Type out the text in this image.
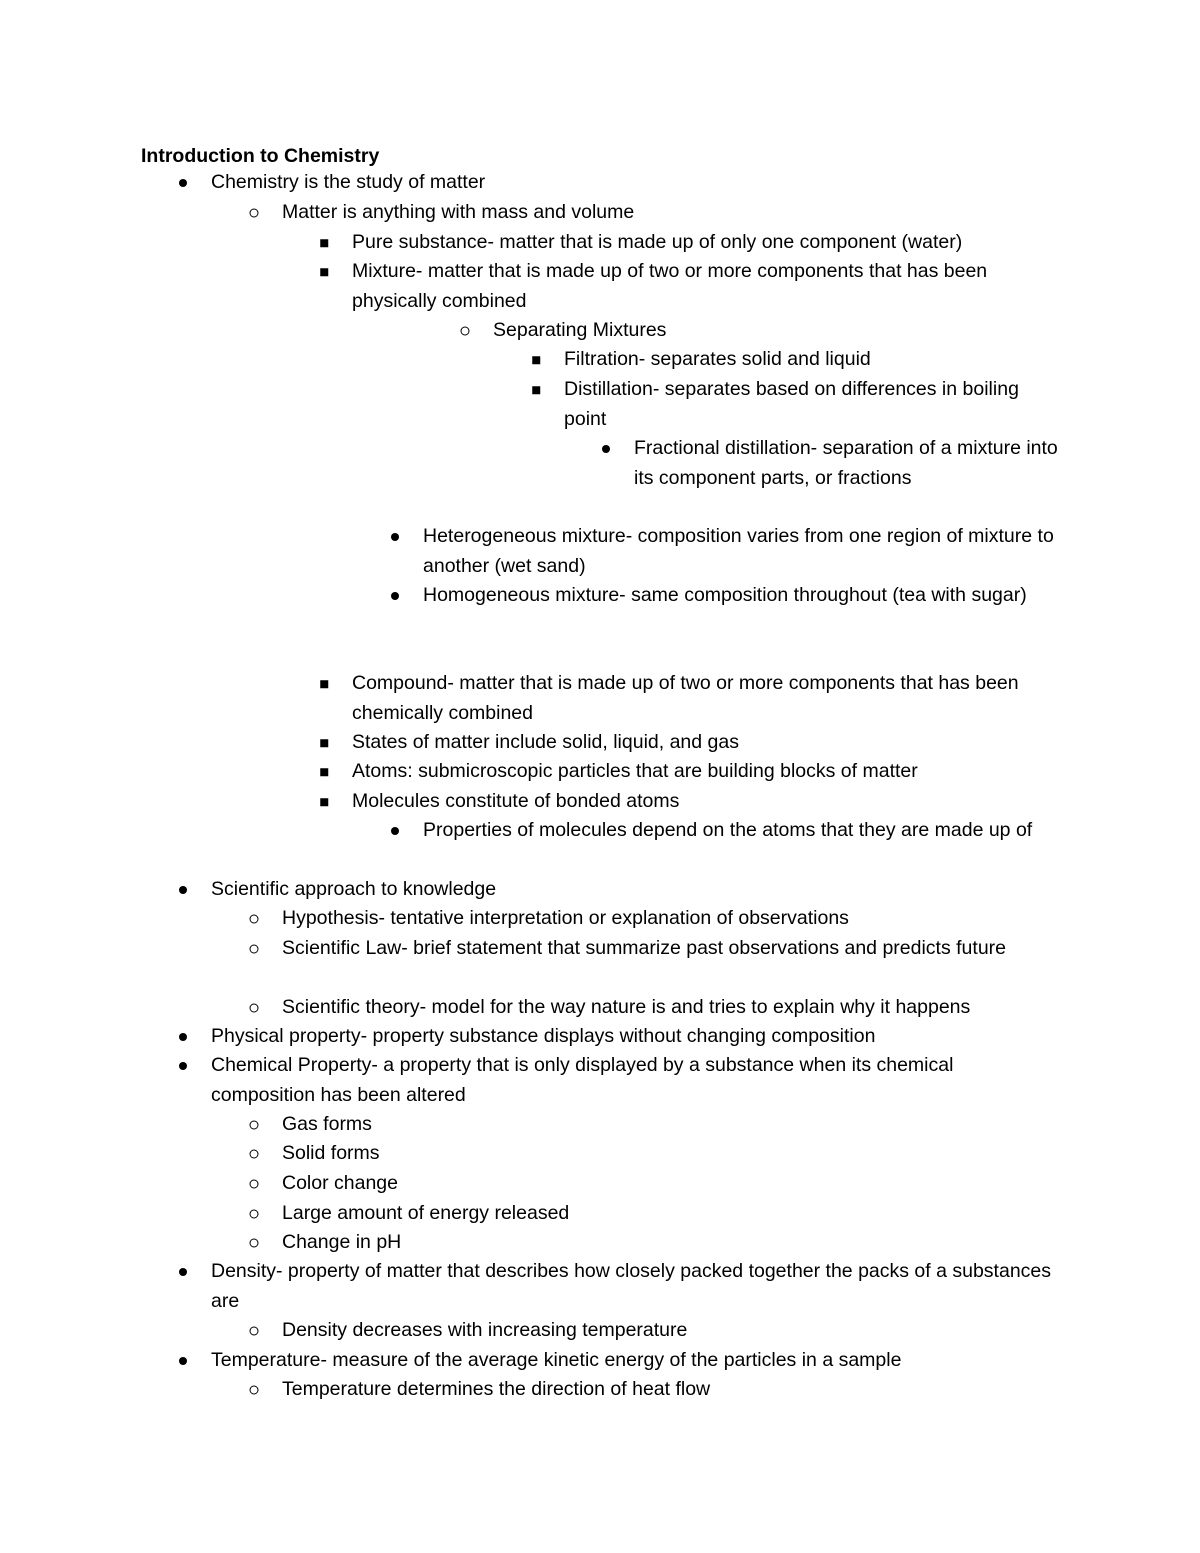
Introduction to Chemistry
Chemistry is the study of matter
Matter is anything with mass and volume
Pure substance- matter that is made up of only one component (water)
Mixture- matter that is made up of two or more components that has been physically combined
Separating Mixtures
Filtration- separates solid and liquid
Distillation- separates based on differences in boiling point
Fractional distillation- separation of a mixture into its component parts, or fractions
Heterogeneous mixture- composition varies from one region of mixture to another (wet sand)
Homogeneous mixture- same composition throughout (tea with sugar)
Compound- matter that is made up of two or more components that has been chemically combined
States of matter include solid, liquid, and gas
Atoms: submicroscopic particles that are building blocks of matter
Molecules constitute of bonded atoms
Properties of molecules depend on the atoms that they are made up of
Scientific approach to knowledge
Hypothesis- tentative interpretation or explanation of observations
Scientific Law- brief statement that summarize past observations and predicts future
Scientific theory- model for the way nature is and tries to explain why it happens
Physical property- property substance displays without changing composition
Chemical Property- a property that is only displayed by a substance when its chemical composition has been altered
Gas forms
Solid forms
Color change
Large amount of energy released
Change in pH
Density- property of matter that describes how closely packed together the packs of a substances are
Density decreases with increasing temperature
Temperature- measure of the average kinetic energy of the particles in a sample
Temperature determines the direction of heat flow
